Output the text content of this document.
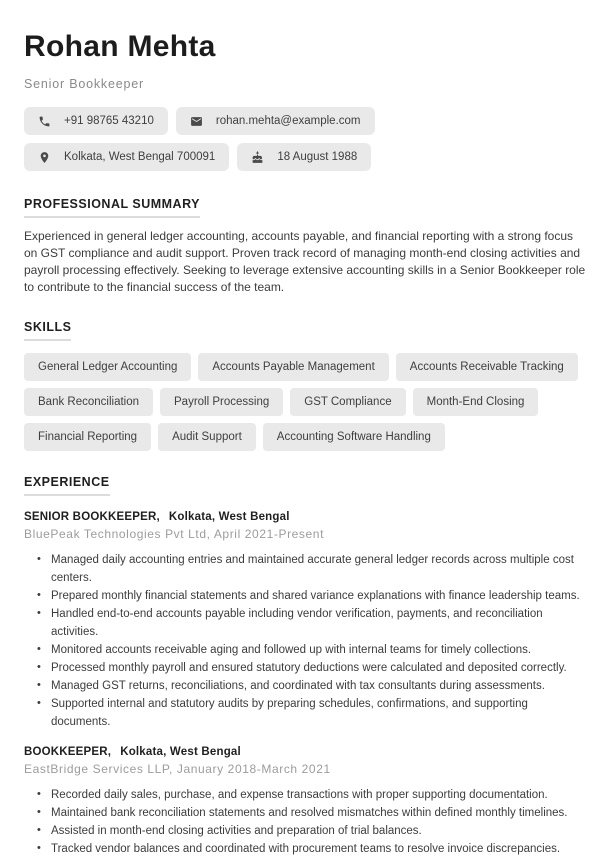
Rohan Mehta
Senior Bookkeeper
+91 98765 43210	rohan.mehta@example.com
Kolkata, West Bengal 700091	18 August 1988
PROFESSIONAL SUMMARY

Experienced in general ledger accounting, accounts payable, and financial reporting with a strong focus on GST compliance and audit support. Proven track record of managing month-end closing activities and payroll processing effectively. Seeking to leverage extensive accounting skills in a Senior Bookkeeper role to contribute to the financial success of the team.

SKILLS
General Ledger Accounting	Accounts Payable Management	Accounts Receivable Tracking
Bank Reconciliation	Payroll Processing	GST Compliance	Month-End Closing
Financial Reporting	Audit Support	Accounting Software Handling
EXPERIENCE
SENIOR BOOKKEEPER, Kolkata, West Bengal
BluePeak Technologies Pvt Ltd, April 2021-Present
• Managed daily accounting entries and maintained accurate general ledger records across multiple cost centers.
• Prepared monthly financial statements and shared variance explanations with finance leadership teams.
• Handled end-to-end accounts payable including vendor verification, payments, and reconciliation activities.
• Monitored accounts receivable aging and followed up with internal teams for timely collections.
• Processed monthly payroll and ensured statutory deductions were calculated and deposited correctly.
• Managed GST returns, reconciliations, and coordinated with tax consultants during assessments.
• Supported internal and statutory audits by preparing schedules, confirmations, and supporting documents.
BOOKKEEPER, Kolkata, West Bengal
EastBridge Services LLP, January 2018-March 2021
• Recorded daily sales, purchase, and expense transactions with proper supporting documentation.
• Maintained bank reconciliation statements and resolved mismatches within defined monthly timelines.
• Assisted in month-end closing activities and preparation of trial balances.
• Tracked vendor balances and coordinated with procurement teams to resolve invoice discrepancies.
